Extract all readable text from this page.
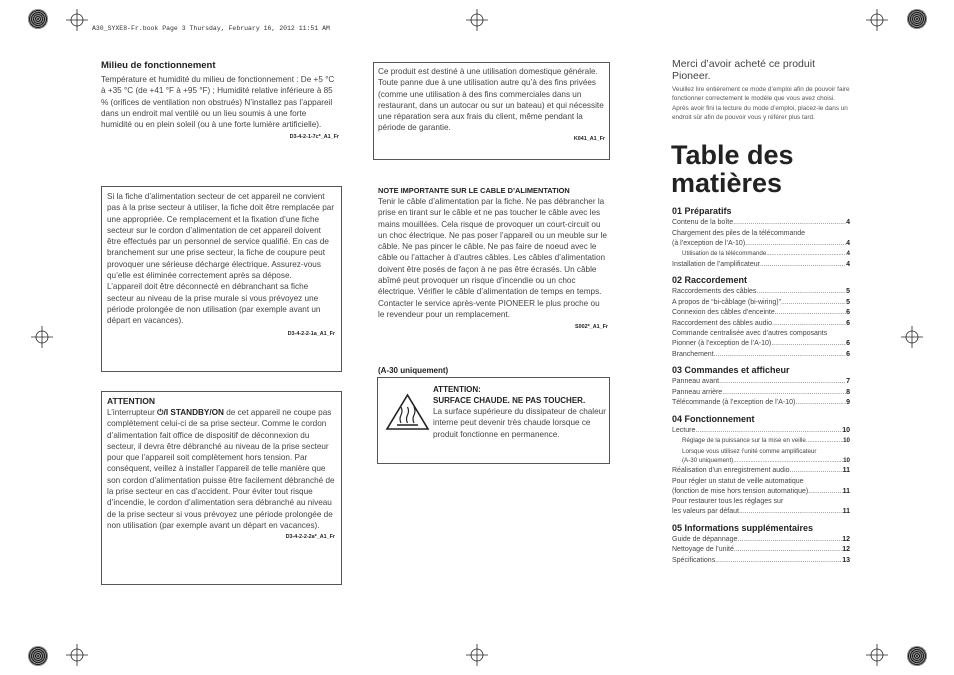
A30_SYXE8-Fr.book Page 3 Thursday, February 16, 2012 11:51 AM
Milieu de fonctionnement
Température et humidité du milieu de fonctionnement : De +5 °C à +35 °C (de +41 °F à +95 °F) ; Humidité relative inférieure à 85 % (orifices de ventilation non obstrués) N’installez pas l’appareil dans un endroit mal ventilé ou un lieu soumis à une forte humidité ou en plein soleil (ou à une forte lumière artificielle).
D3-4-2-1-7c*_A1_Fr
Si la fiche d’alimentation secteur de cet appareil ne convient pas à la prise secteur à utiliser, la fiche doit être remplacée par une appropriée. Ce remplacement et la fixation d’une fiche secteur sur le cordon d’alimentation de cet appareil doivent être effectués par un personnel de service qualifié. En cas de branchement sur une prise secteur, la fiche de coupure peut provoquer une sérieuse décharge électrique. Assurez-vous qu’elle est éliminée correctement après sa dépose.
L’appareil doit être déconnecté en débranchant sa fiche secteur au niveau de la prise murale si vous prévoyez une période prolongée de non utilisation (par exemple avant un départ en vacances).
D3-4-2-2-1a_A1_Fr
ATTENTION
L’interrupteur ⏻/I STANDBY/ON de cet appareil ne coupe pas complètement celui-ci de sa prise secteur. Comme le cordon d’alimentation fait office de dispositif de déconnexion du secteur, il devra être débranché au niveau de la prise secteur pour que l’appareil soit complètement hors tension. Par conséquent, veillez à installer l’appareil de telle manière que son cordon d’alimentation puisse être facilement débranché de la prise secteur en cas d’accident. Pour éviter tout risque d’incendie, le cordon d’alimentation sera débranché au niveau de la prise secteur si vous prévoyez une période prolongée de non utilisation (par exemple avant un départ en vacances).
D3-4-2-2-2a*_A1_Fr
Ce produit est destiné à une utilisation domestique générale. Toute panne due à une utilisation autre qu’à des fins privées (comme une utilisation à des fins commerciales dans un restaurant, dans un autocar ou sur un bateau) et qui nécessite une réparation sera aux frais du client, même pendant la période de garantie.
K041_A1_Fr
NOTE IMPORTANTE SUR LE CABLE D’ALIMENTATION
Tenir le câble d’alimentation par la fiche. Ne pas débrancher la prise en tirant sur le câble et ne pas toucher le câble avec les mains mouillées. Cela risque de provoquer un court-circuit ou un choc électrique. Ne pas poser l’appareil ou un meuble sur le câble. Ne pas pincer le câble. Ne pas faire de noeud avec le câble ou l’attacher à d’autres câbles. Les câbles d’alimentation doivent être posés de façon à ne pas être écrasés. Un câble abîmé peut provoquer un risque d’incendie ou un choc électrique. Vérifier le câble d’alimentation de temps en temps. Contacter le service après-vente PIONEER le plus proche ou le revendeur pour un remplacement.
S002*_A1_Fr
(A-30 uniquement)
ATTENTION:
SURFACE CHAUDE. NE PAS TOUCHER.
La surface supérieure du dissipateur de chaleur interne peut devenir très chaude lorsque ce produit fonctionne en permanence.
Merci d’avoir acheté ce produit Pioneer.
Veuillez lire entièrement ce mode d’emploi afin de pouvoir faire fonctionner correctement le modèle que vous avez choisi. Après avoir fini la lecture du mode d’emploi, placez-le dans un endroit sûr afin de pouvoir vous y référer plus tard.
Table des
matières
01 Préparatifs
Contenu de la boîte .....	4
Chargement des piles de la télécommande
(à l’exception de l’A-10) .....	4
Utilisation de la télécommande .....	4
Installation de l’amplificateur .....	4
02 Raccordement
Raccordements des câbles .....	5
A propos de “bi-câblage (bi-wiring)” .....	5
Connexion des câbles d’enceinte .....	6
Raccordement des câbles audio .....	6
Commande centralisée avec d’autres composants
Pionner (à l’exception de l’A-10) .....	6
Branchement .....	6
03 Commandes et afficheur
Panneau avant .....	7
Panneau arrière .....	8
Télécommande (à l’exception de l’A-10) .....	9
04 Fonctionnement
Lecture .....	10
Réglage de la puissance sur la mise en veille .....	10
Lorsque vous utilisez l’unité comme amplificateur
(A-30 uniquement) .....	10
Réalisation d’un enregistrement audio .....	11
Pour régler un statut de veille automatique
(fonction de mise hors tension automatique) .....	11
Pour restaurer tous les réglages sur
les valeurs par défaut .....	11
05 Informations supplémentaires
Guide de dépannage .....	12
Nettoyage de l’unité .....	12
Spécifications .....	13
